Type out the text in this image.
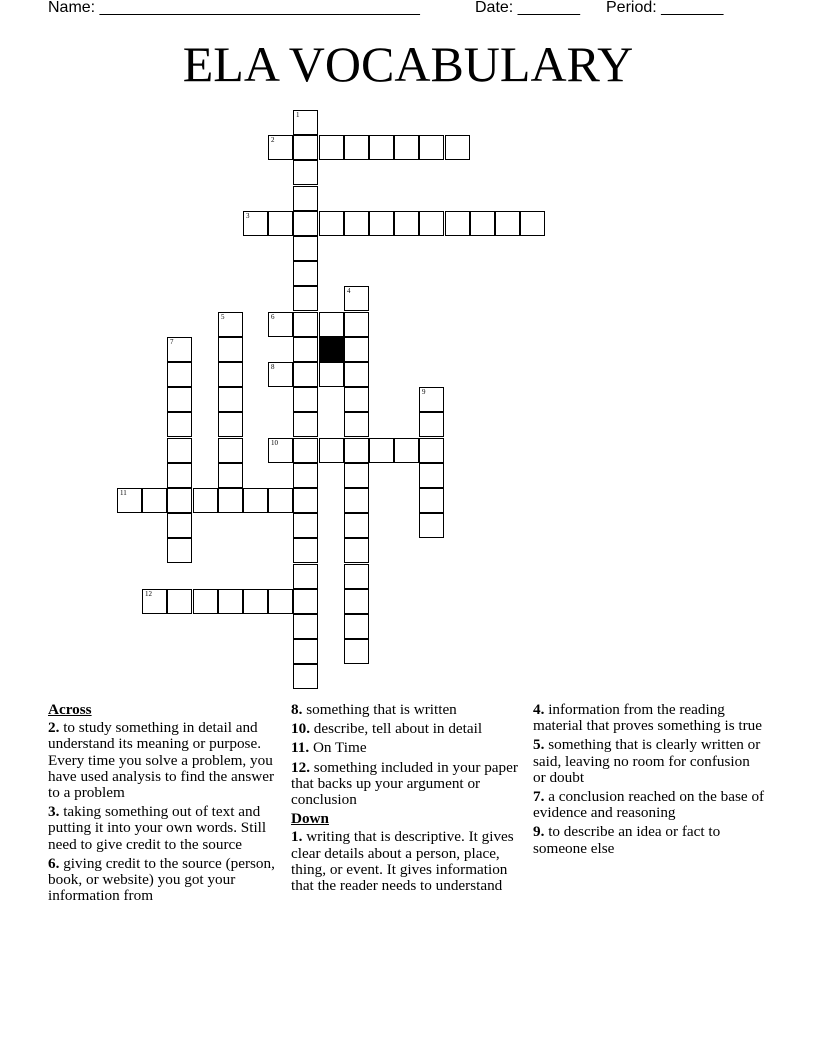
Name: ____________________________________	Date: _______ Period: _______
ELA VOCABULARY
1
2
3
4
5	6
7
8
9
10
11
12
Across
2. to study something in detail and understand its meaning or purpose. Every time you solve a problem, you have used analysis to find the answer to a problem
3. taking something out of text and putting it into your own words. Still need to give credit to the source
6. giving credit to the source (person, book, or website) you got your information from
8. something that is written
10. describe, tell about in detail
11. On Time
12. something included in your paper that backs up your argument or conclusion
Down
1. writing that is descriptive. It gives clear details about a person, place, thing, or event. It gives information that the reader needs to understand
4. information from the reading material that proves something is true
5. something that is clearly written or said, leaving no room for confusion or doubt
7. a conclusion reached on the base of evidence and reasoning
9. to describe an idea or fact to someone else
